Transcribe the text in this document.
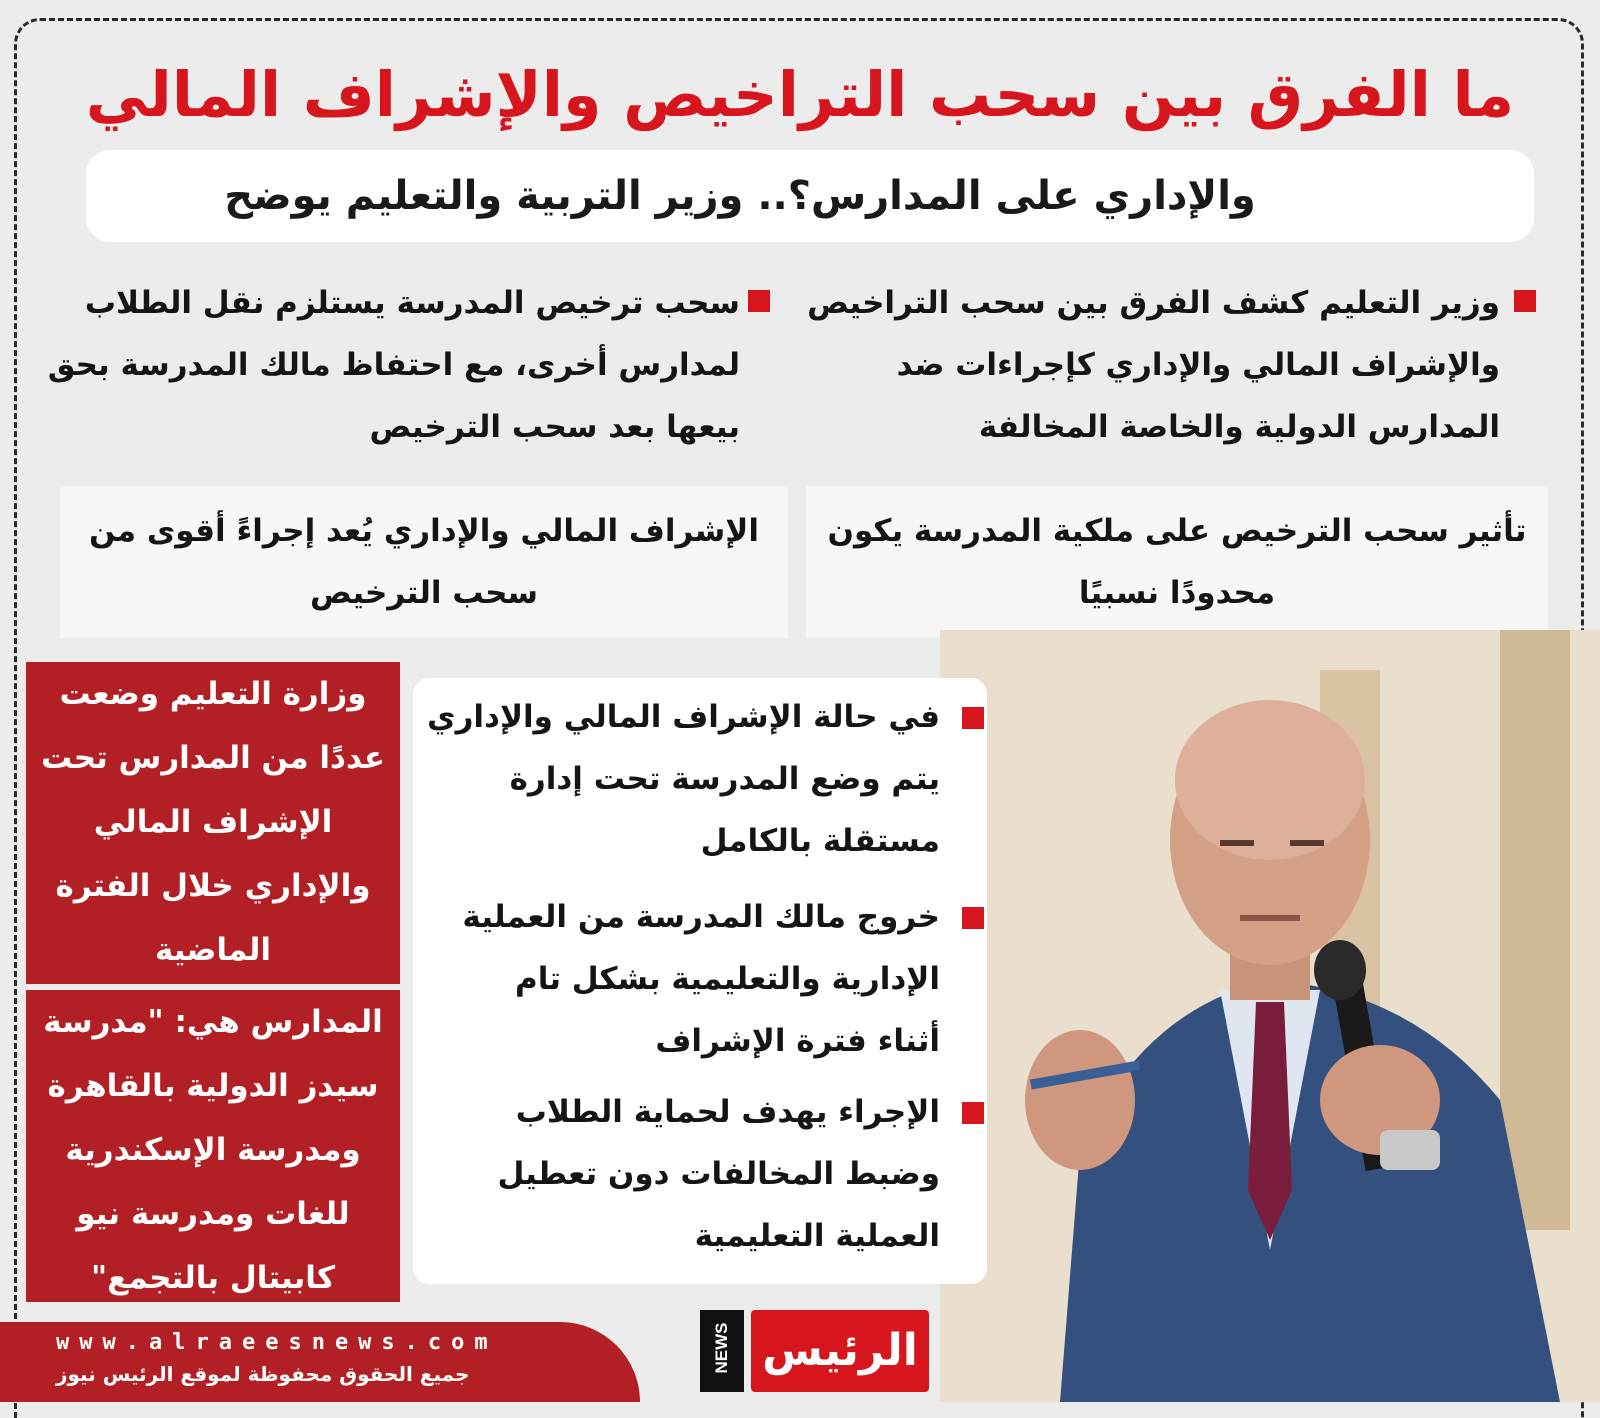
ما الفرق بين سحب التراخيص والإشراف المالي
والإداري على المدارس؟.. وزير التربية والتعليم يوضح
وزير التعليم كشف الفرق بين سحب التراخيص
والإشراف المالي والإداري كإجراءات ضد
المدارس الدولية والخاصة المخالفة
سحب ترخيص المدرسة يستلزم نقل الطلاب
لمدارس أخرى، مع احتفاظ مالك المدرسة بحق
بيعها بعد سحب الترخيص
تأثير سحب الترخيص على ملكية المدرسة يكون
محدودًا نسبيًا
الإشراف المالي والإداري يُعد إجراءً أقوى من
سحب الترخيص
في حالة الإشراف المالي والإداري
يتم وضع المدرسة تحت إدارة
مستقلة بالكامل
خروج مالك المدرسة من العملية
الإدارية والتعليمية بشكل تام
أثناء فترة الإشراف
الإجراء يهدف لحماية الطلاب
وضبط المخالفات دون تعطيل
العملية التعليمية
وزارة التعليم وضعت
عددًا من المدارس تحت
الإشراف المالي
والإداري خلال الفترة
الماضية
المدارس هي: "مدرسة
سيدز الدولية بالقاهرة
ومدرسة الإسكندرية
للغات ومدرسة نيو
كابيتال بالتجمع"
www.alraeesnews.com
جميع الحقوق محفوظة لموقع الرئيس نيوز
NEWS الرئيس
